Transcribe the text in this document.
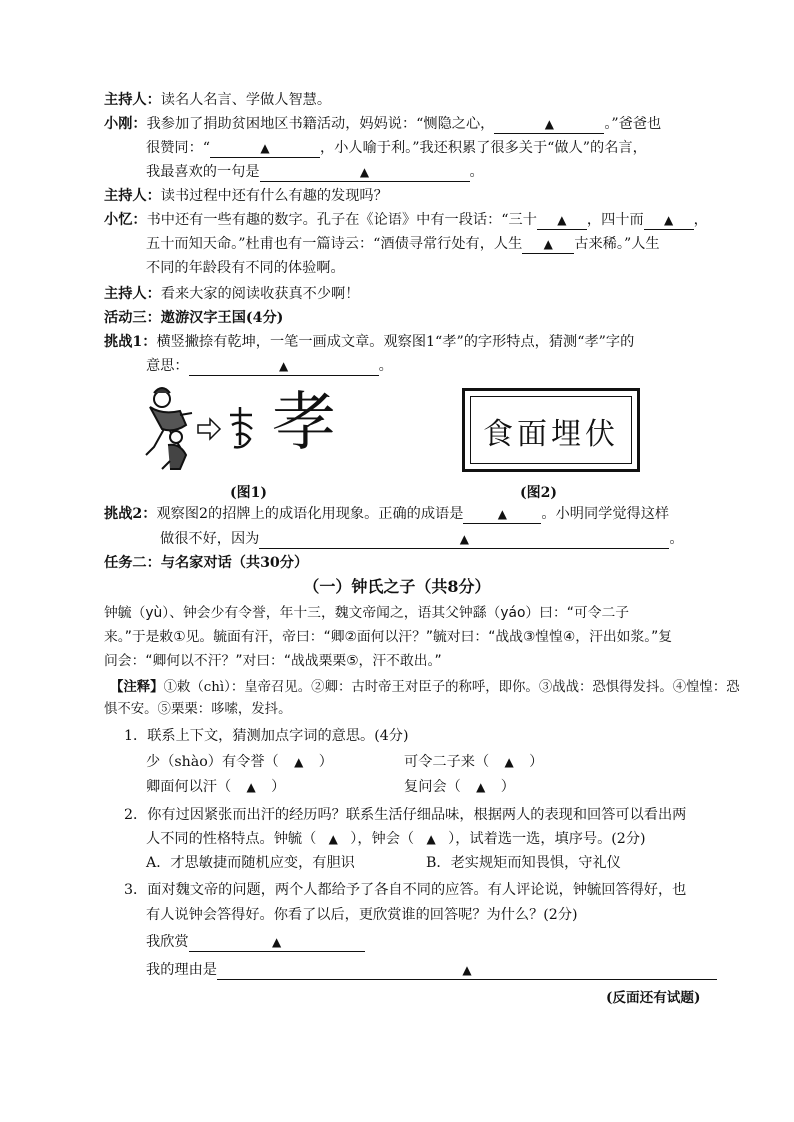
主持人：读名人名言、学做人智慧。
小刚：我参加了捐助贫困地区书籍活动，妈妈说：“恻隐之心，	▲	。”爸爸也
很赞同：“	▲	，小人喻于利。”我还积累了很多关于“做人”的名言，
我最喜欢的一句是	▲	。
主持人：读书过程中还有什么有趣的发现吗？
小忆：书中还有一些有趣的数字。孔子在《论语》中有一段话：“三十 ▲ ，四十而 ▲ ，
五十而知天命。”杜甫也有一篇诗云：“酒债寻常行处有，人生 ▲ 古来稀。”人生
不同的年龄段有不同的体验啊。
主持人：看来大家的阅读收获真不少啊！
活动三：遨游汉字王国(4分)
挑战1：横竖撇捺有乾坤，一笔一画成文章。观察图1“孝”的字形特点，猜测“孝”字的
意思：	▲	。
孝
(图1)
食面埋伏
(图2)
挑战2：观察图2的招牌上的成语化用现象。正确的成语是	▲ 。小明同学觉得这样
做很不好，因为	▲	。
任务二：与名家对话（共30分）
（一）钟氏之子（共8分）
钟毓（yù）、钟会少有令誉，年十三，魏文帝闻之，语其父钟繇（yáo）曰：“可令二子
来。”于是敕①见。毓面有汗，帝曰：“卿②面何以汗？”毓对曰：“战战③惶惶④，汗出如浆。”复
问会：“卿何以不汗？”对曰：“战战栗栗⑤，汗不敢出。”
【注释】①敕（chì）：皇帝召见。②卿：古时帝王对臣子的称呼，即你。③战战：恐惧得发抖。④惶惶：恐
惧不安。⑤栗栗：哆嗦，发抖。
1．联系上下文，猜测加点字词的意思。(4分)
少（shào）有令誉（ ▲ ）	可令二子来（ ▲ ）
卿面何以汗（ ▲ ）	复问会（ ▲ ）
2．你有过因紧张而出汗的经历吗？联系生活仔细品味，根据两人的表现和回答可以看出两
人不同的性格特点。钟毓（ ▲ ），钟会（ ▲ ），试着选一选，填序号。(2分)
A．才思敏捷而随机应变，有胆识	B．老实规矩而知畏惧，守礼仪
3．面对魏文帝的问题，两个人都给予了各自不同的应答。有人评论说，钟毓回答得好，也
有人说钟会答得好。你看了以后，更欣赏谁的回答呢？为什么？(2分)
我欣赏	▲
我的理由是	▲
(反面还有试题)
